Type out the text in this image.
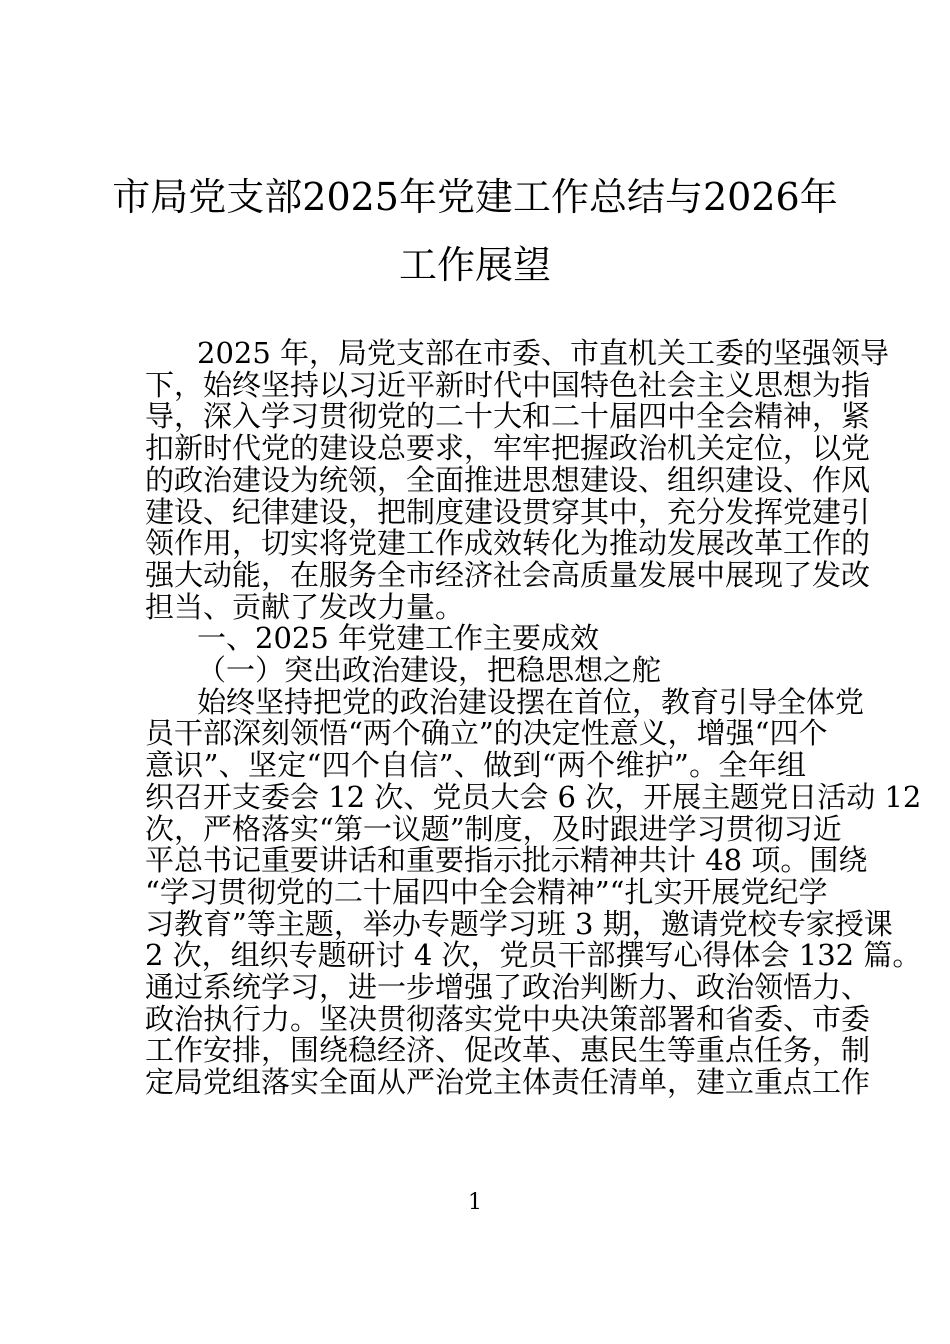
市局党支部2025年党建工作总结与2026年
工作展望
2025 年，局党支部在市委、市直机关工委的坚强领导
下，始终坚持以习近平新时代中国特色社会主义思想为指
导，深入学习贯彻党的二十大和二十届四中全会精神，紧
扣新时代党的建设总要求，牢牢把握政治机关定位，以党
的政治建设为统领，全面推进思想建设、组织建设、作风
建设、纪律建设，把制度建设贯穿其中，充分发挥党建引
领作用，切实将党建工作成效转化为推动发展改革工作的
强大动能，在服务全市经济社会高质量发展中展现了发改
担当、贡献了发改力量。
一、2025 年党建工作主要成效
（一）突出政治建设，把稳思想之舵
始终坚持把党的政治建设摆在首位，教育引导全体党
员干部深刻领悟“两个确立”的决定性意义，增强“四个
意识”、坚定“四个自信”、做到“两个维护”。全年组
织召开支委会 12 次、党员大会 6 次，开展主题党日活动 12
次，严格落实“第一议题”制度，及时跟进学习贯彻习近
平总书记重要讲话和重要指示批示精神共计 48 项。围绕
“学习贯彻党的二十届四中全会精神”“扎实开展党纪学
习教育”等主题，举办专题学习班 3 期，邀请党校专家授课
2 次，组织专题研讨 4 次，党员干部撰写心得体会 132 篇。
通过系统学习，进一步增强了政治判断力、政治领悟力、
政治执行力。坚决贯彻落实党中央决策部署和省委、市委
工作安排，围绕稳经济、促改革、惠民生等重点任务，制
定局党组落实全面从严治党主体责任清单，建立重点工作
1
